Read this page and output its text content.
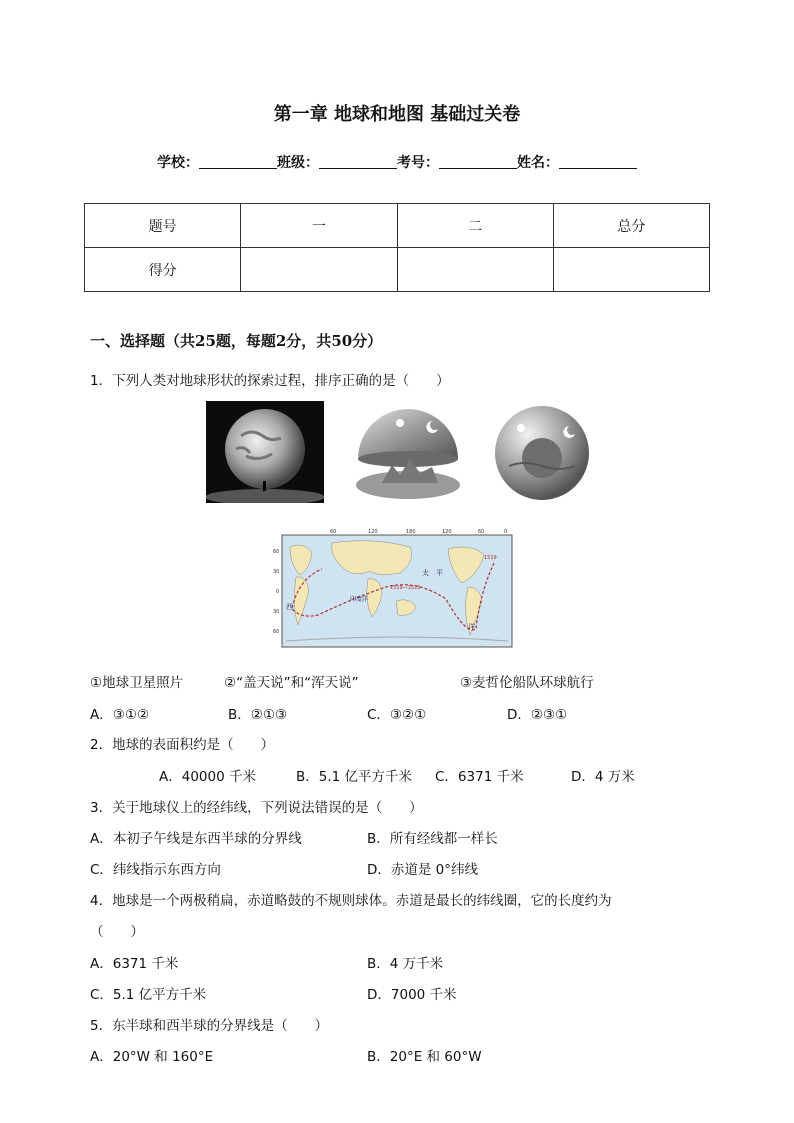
第一章 地球和地图 基础过关卷
学校：	班级：	考号：	姓名：
题号	一	二	总分
得分			
一、选择题（共25题，每题2分，共50分）
1．下列人类对地球形状的探索过程，排序正确的是（　　）
60	120	180	120	60	0
60
30
0
30
60
太 平
洋
印度洋
西
1519—1521
1519
①地球卫星照片	②“盖天说”和“浑天说”	③麦哲伦船队环球航行
A．③①②	B．②①③	C．③②①	D．②③①
2．地球的表面积约是（　　）
A．40000 千米	B．5.1 亿平方千米 C．6371 千米	D．4 万米
3．关于地球仪上的经纬线，下列说法错误的是（　　）
A．本初子午线是东西半球的分界线	B．所有经线都一样长
C．纬线指示东西方向	D．赤道是 0°纬线
4．地球是一个两极稍扁，赤道略鼓的不规则球体。赤道是最长的纬线圈，它的长度约为
（　　）
A．6371 千米	B．4 万千米
C．5.1 亿平方千米	D．7000 千米
5．东半球和西半球的分界线是（　　）
A．20°W 和 160°E	B．20°E 和 60°W
